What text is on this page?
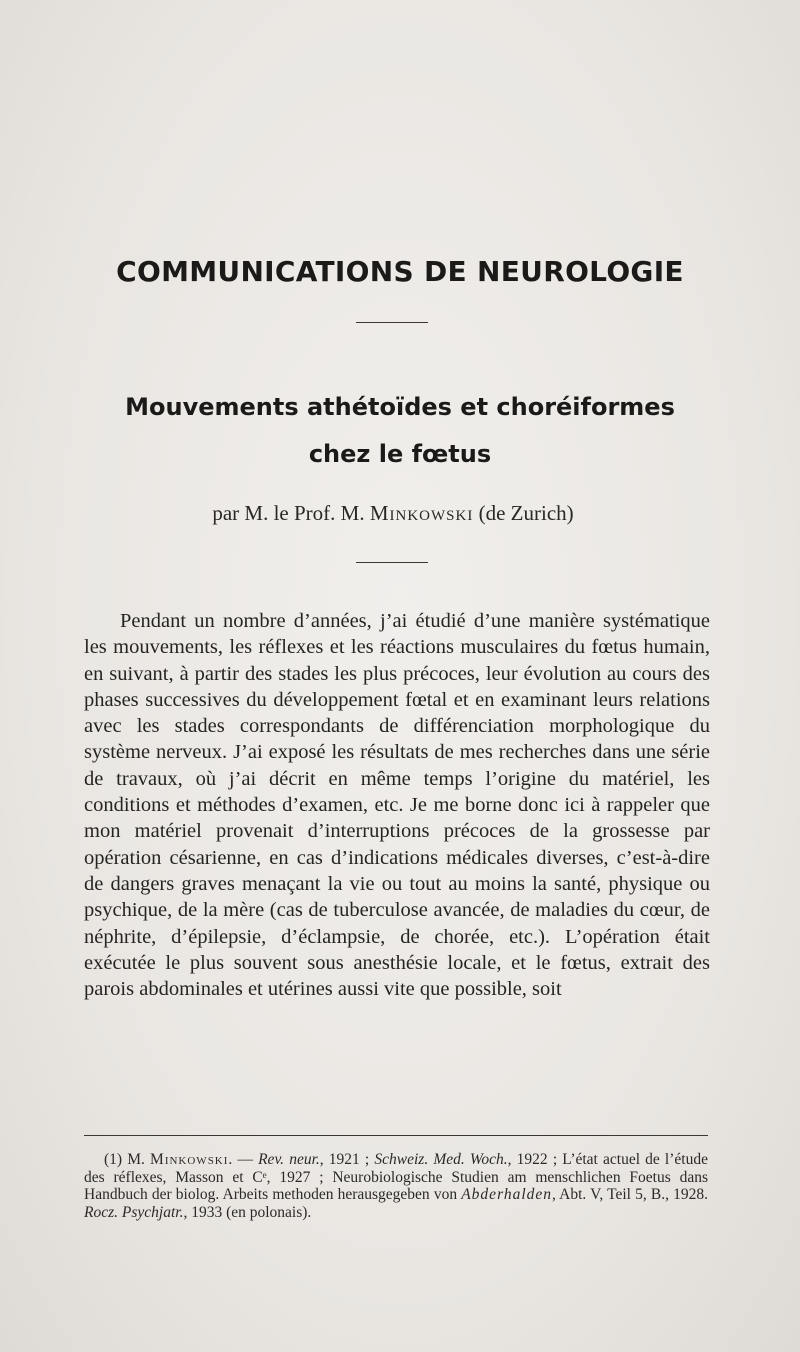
COMMUNICATIONS DE NEUROLOGIE
Mouvements athétoïdes et choréiformes
chez le fœtus
par M. le Prof. M. Minkowski (de Zurich)

Pendant un nombre d’années, j’ai étudié d’une manière systématique les mouvements, les réflexes et les réactions musculaires du fœtus humain, en suivant, à partir des stades les plus précoces, leur évolution au cours des phases successives du développement fœtal et en examinant leurs relations avec les stades correspondants de différenciation morphologique du système nerveux. J’ai exposé les résultats de mes recherches dans une série de travaux, où j’ai décrit en même temps l’origine du matériel, les conditions et méthodes d’examen, etc. Je me borne donc ici à rappeler que mon matériel provenait d’interruptions précoces de la grossesse par opération césarienne, en cas d’indications médicales diverses, c’est-à-dire de dangers graves menaçant la vie ou tout au moins la santé, physique ou psychique, de la mère (cas de tuberculose avancée, de maladies du cœur, de néphrite, d’épilepsie, d’éclampsie, de chorée, etc.). L’opération était exécutée le plus souvent sous anesthésie locale, et le fœtus, extrait des parois abdominales et utérines aussi vite que possible, soit

(1) M. Minkowski. — Rev. neur., 1921 ; Schweiz. Med. Woch., 1922 ; L’état actuel de l’étude des réflexes, Masson et Cᵉ, 1927 ; Neurobiologische Studien am menschlichen Foetus dans Handbuch der biolog. Arbeits methoden herausgegeben von Abderhalden, Abt. V, Teil 5, B., 1928. Rocz. Psychjatr., 1933 (en polonais).
